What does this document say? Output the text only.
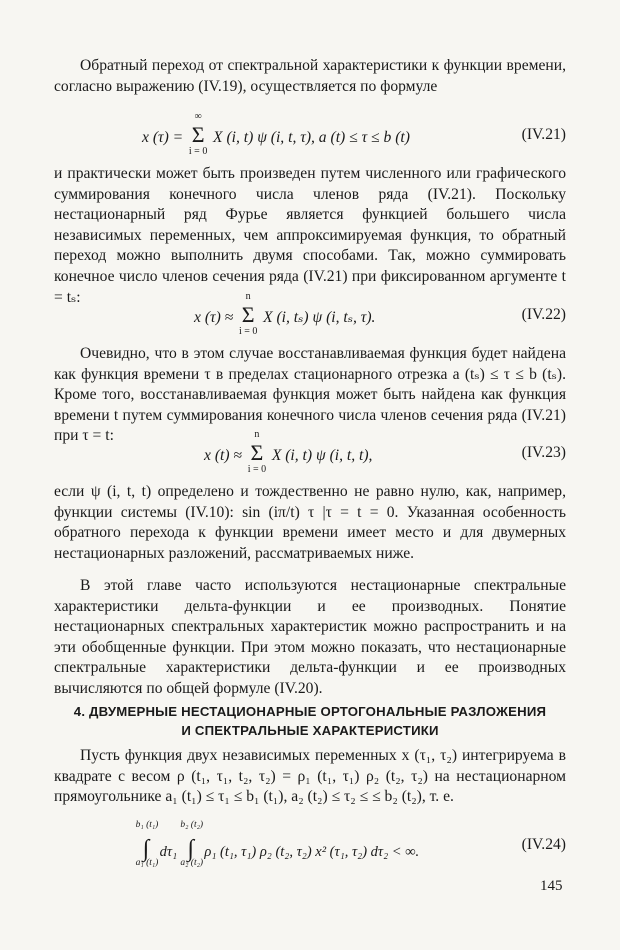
Обратный переход от спектральной характеристики к функции времени, согласно выражению (IV.19), осуществляется по формуле

x (τ) =
∞
Σ
i = 0
X (i, t) ψ (i, t, τ), a (t) ≤ τ ≤ b (t)	(IV.21)

и практически может быть произведен путем численного или графического суммирования конечного числа членов ряда (IV.21). Поскольку нестационарный ряд Фурье является функцией большего числа независимых переменных, чем аппроксимируемая функция, то обратный переход можно выполнить двумя способами. Так, можно суммировать конечное число членов сечения ряда (IV.21) при фиксированном аргументе t = tₛ:

x (τ) ≈
n
Σ
i = 0
X (i, tₛ) ψ (i, tₛ, τ).	(IV.22)

Очевидно, что в этом случае восстанавливаемая функция будет найдена как функция времени τ в пределах стационарного отрезка a (tₛ) ≤ τ ≤ b (tₛ). Кроме того, восстанавливаемая функция может быть найдена как функция времени t путем суммирования конечного числа членов сечения ряда (IV.21) при τ = t:

x (t) ≈
n
Σ
i = 0
X (i, t) ψ (i, t, t),	(IV.23)

если ψ (i, t, t) определено и тождественно не равно нулю, как, например, функции системы (IV.10): sin (iπ/t) τ |τ = t = 0. Указанная особенность обратного перехода к функции времени имеет место и для двумерных нестационарных разложений, рассматриваемых ниже.

В этой главе часто используются нестационарные спектральные характеристики дельта-функции и ее производных. Понятие нестационарных спектральных характеристик можно распространить и на эти обобщенные функции. При этом можно показать, что нестационарные спектральные характеристики дельта-функции и ее производных вычисляются по общей формуле (IV.20).

4. ДВУМЕРНЫЕ НЕСТАЦИОНАРНЫЕ ОРТОГОНАЛЬНЫЕ РАЗЛОЖЕНИЯ
И СПЕКТРАЛЬНЫЕ ХАРАКТЕРИСТИКИ

Пусть функция двух независимых переменных x (τ₁, τ₂) интегрируема в квадрате с весом ρ (t₁, τ₁, t₂, τ₂) = ρ₁ (t₁, τ₁) ρ₂ (t₂, τ₂) на нестационарном прямоугольнике a₁ (t₁) ≤ τ₁ ≤ b₁ (t₁), a₂ (t₂) ≤ τ₂ ≤ ≤ b₂ (t₂), т. е.

b₁ (t₁)
∫
a₁ (t₁)
dτ₁
b₂ (t₂)
∫
a₂ (t₂)
ρ₁ (t₁, τ₁) ρ₂ (t₂, τ₂) x² (τ₁, τ₂) dτ₂ < ∞.	(IV.24)
145
